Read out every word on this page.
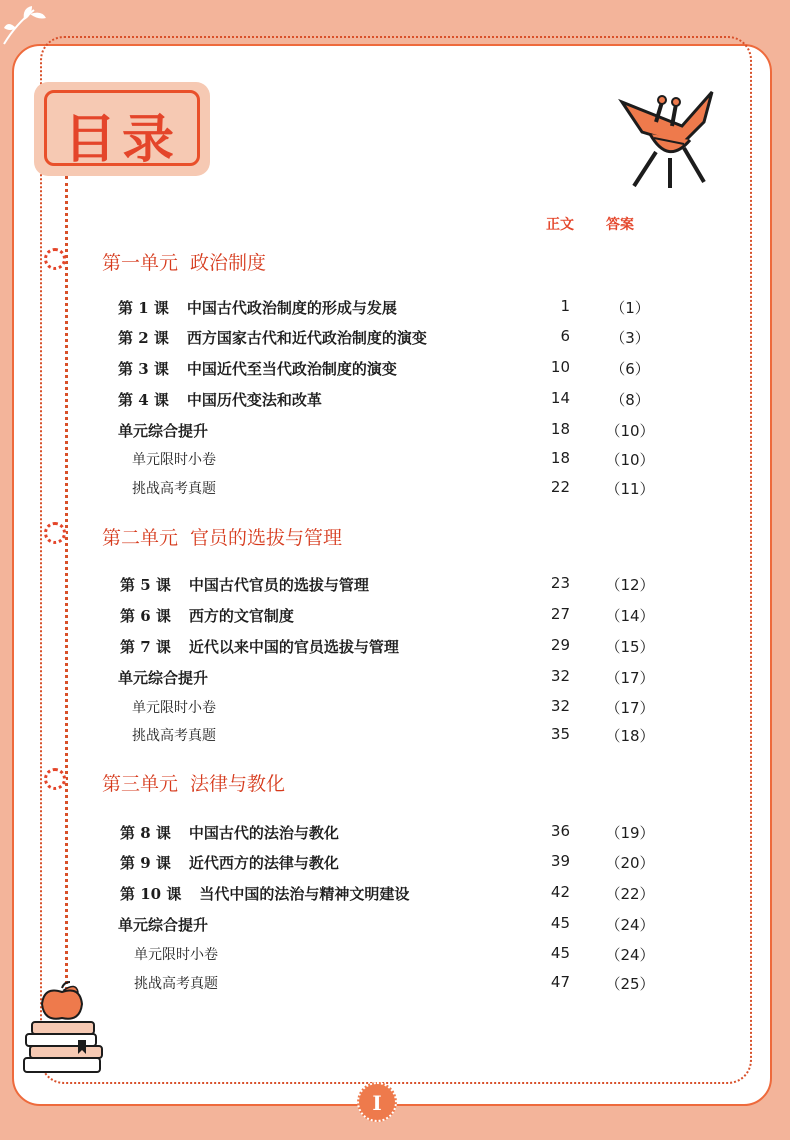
目录
正文 答案
第一单元 政治制度
第 1 课 中国古代政治制度的形成与发展	1	（1）
第 2 课 西方国家古代和近代政治制度的演变	6	（3）
第 3 课 中国近代至当代政治制度的演变	10	（6）
第 4 课 中国历代变法和改革	14	（8）
单元综合提升	18	（10）
单元限时小卷	18	（10）
挑战高考真题	22	（11）
第二单元 官员的选拔与管理
第 5 课 中国古代官员的选拔与管理	23	（12）
第 6 课 西方的文官制度	27	（14）
第 7 课 近代以来中国的官员选拔与管理	29	（15）
单元综合提升	32	（17）
单元限时小卷	32	（17）
挑战高考真题	35	（18）
第三单元 法律与教化
第 8 课 中国古代的法治与教化	36	（19）
第 9 课 近代西方的法律与教化	39	（20）
第 10 课 当代中国的法治与精神文明建设	42	（22）
单元综合提升	45	（24）
单元限时小卷	45	（24）
挑战高考真题	47	（25）
I
